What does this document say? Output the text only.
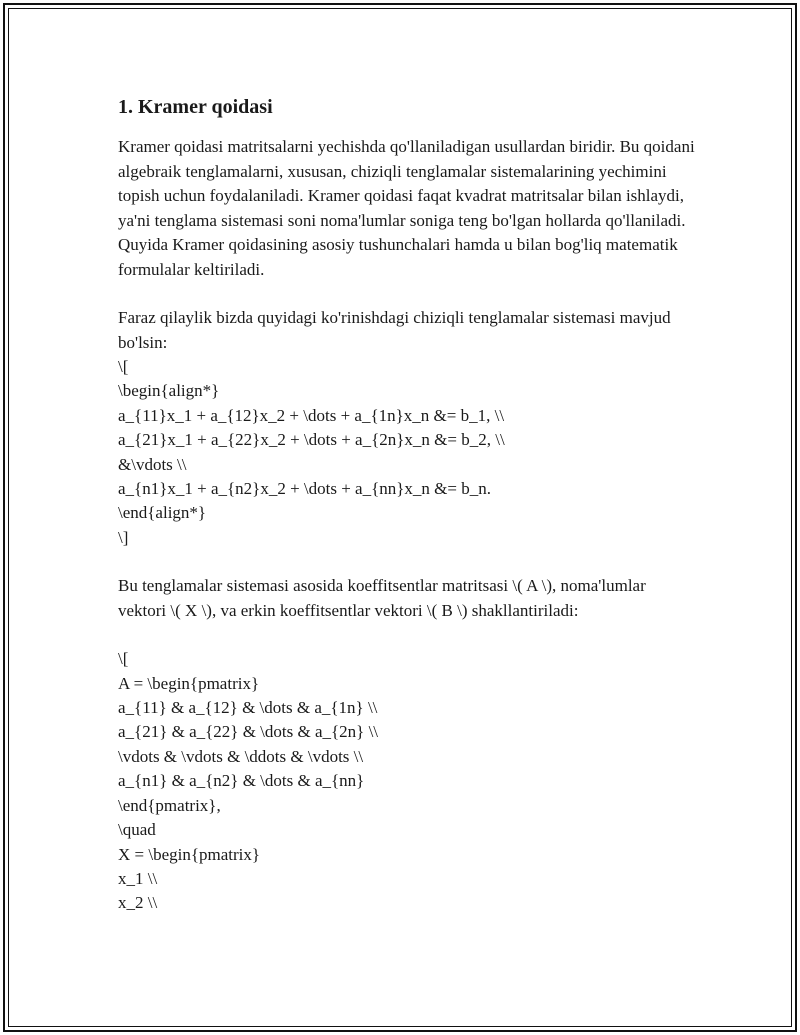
1. Kramer qoidasi

Kramer qoidasi matritsalarni yechishda qo'llaniladigan usullardan biridir. Bu qoidani algebraik tenglamalarni, xususan, chiziqli tenglamalar sistemalarining yechimini topish uchun foydalaniladi. Kramer qoidasi faqat kvadrat matritsalar bilan ishlaydi, ya'ni tenglama sistemasi soni noma'lumlar soniga teng bo'lgan hollarda qo'llaniladi. Quyida Kramer qoidasining asosiy tushunchalari hamda u bilan bog'liq matematik formulalar keltiriladi.

Faraz qilaylik bizda quyidagi ko'rinishdagi chiziqli tenglamalar sistemasi mavjud bo'lsin:

\[
\begin{align*}
a_{11}x_1 + a_{12}x_2 + \dots + a_{1n}x_n &= b_1, \\
a_{21}x_1 + a_{22}x_2 + \dots + a_{2n}x_n &= b_2, \\
&\vdots \\
a_{n1}x_1 + a_{n2}x_2 + \dots + a_{nn}x_n &= b_n.
\end{align*}
\]

Bu tenglamalar sistemasi asosida koeffitsentlar matritsasi \( A \), noma'lumlar vektori \( X \), va erkin koeffitsentlar vektori \( B \) shakllantiriladi:

\[
A = \begin{pmatrix}
a_{11} & a_{12} & \dots & a_{1n} \\
a_{21} & a_{22} & \dots & a_{2n} \\
\vdots & \vdots & \ddots & \vdots \\
a_{n1} & a_{n2} & \dots & a_{nn}
\end{pmatrix},
\quad
X = \begin{pmatrix}
x_1 \\
x_2 \\
